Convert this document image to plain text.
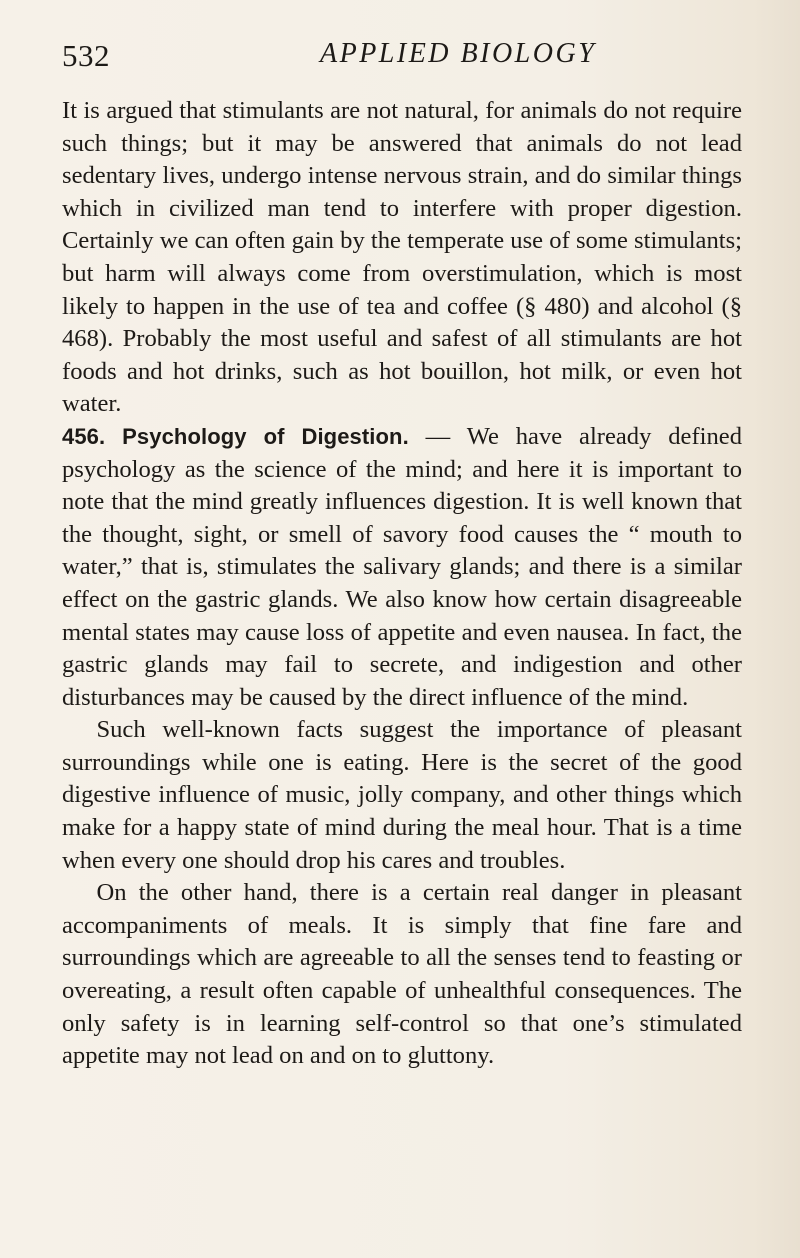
532	APPLIED BIOLOGY

It is argued that stimulants are not natural, for animals do not require such things; but it may be answered that animals do not lead sedentary lives, undergo intense nervous strain, and do similar things which in civilized man tend to interfere with proper digestion. Certainly we can often gain by the temperate use of some stimulants; but harm will always come from overstimulation, which is most likely to happen in the use of tea and coffee (§ 480) and alcohol (§ 468). Probably the most useful and safest of all stimulants are hot foods and hot drinks, such as hot bouillon, hot milk, or even hot water.

456. Psychology of Digestion. — We have already defined psychology as the science of the mind; and here it is important to note that the mind greatly influences digestion. It is well known that the thought, sight, or smell of savory food causes the “ mouth to water,” that is, stimulates the salivary glands; and there is a similar effect on the gastric glands. We also know how certain disagreeable mental states may cause loss of appetite and even nausea. In fact, the gastric glands may fail to secrete, and indigestion and other disturbances may be caused by the direct influence of the mind.

Such well-known facts suggest the importance of pleasant surroundings while one is eating. Here is the secret of the good digestive influence of music, jolly company, and other things which make for a happy state of mind during the meal hour. That is a time when every one should drop his cares and troubles.

On the other hand, there is a certain real danger in pleasant accompaniments of meals. It is simply that fine fare and surroundings which are agreeable to all the senses tend to feasting or overeating, a result often capable of unhealthful consequences. The only safety is in learning self-control so that one’s stimulated appetite may not lead on and on to gluttony.
